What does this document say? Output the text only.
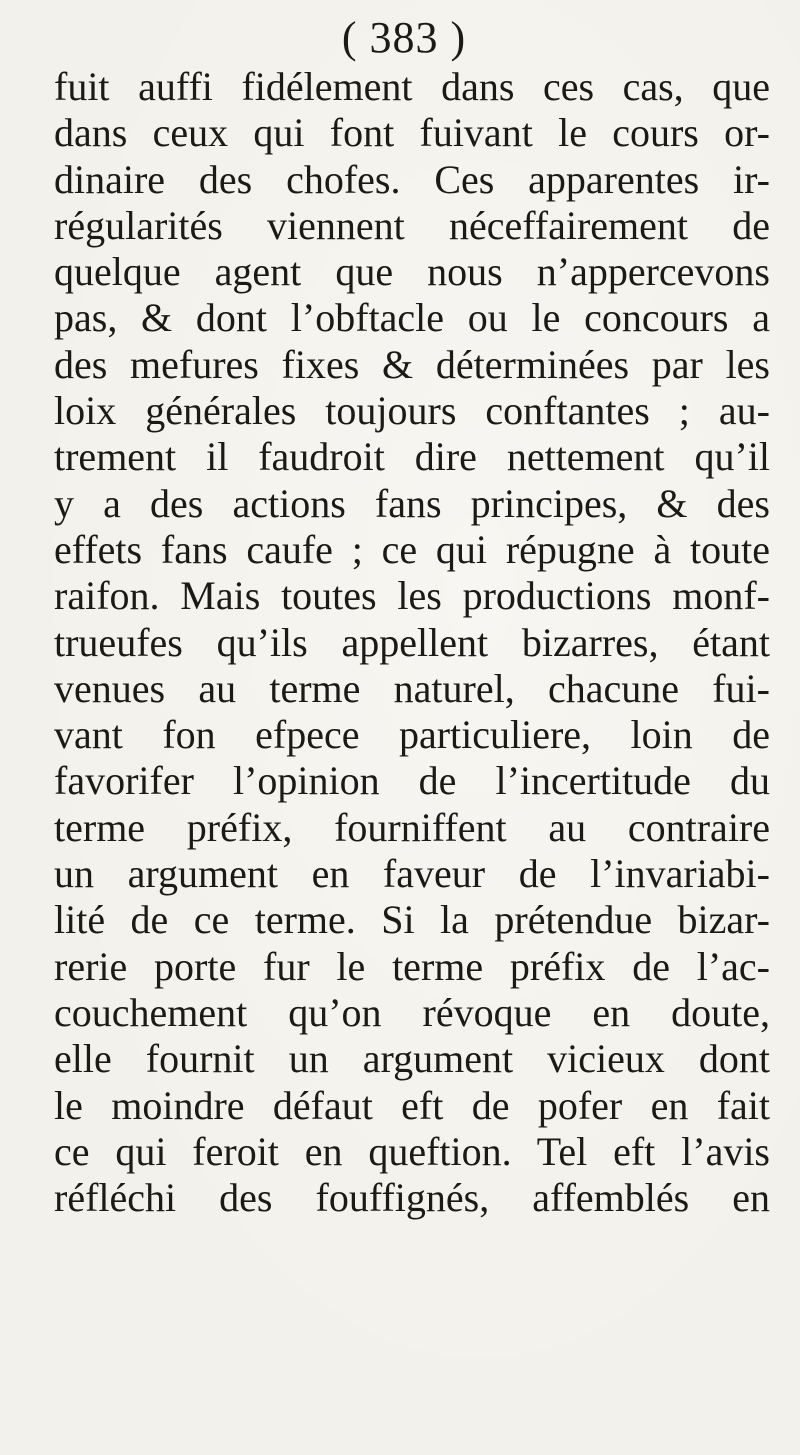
( 383 )
fuit auffi fidélement dans ces cas, que
dans ceux qui font fuivant le cours or-
dinaire des chofes. Ces apparentes ir-
régularités viennent néceffairement de
quelque agent que nous n’appercevons
pas, & dont l’obftacle ou le concours a
des mefures fixes & déterminées par les
loix générales toujours conftantes ; au-
trement il faudroit dire nettement qu’il
y a des actions fans principes, & des
effets fans caufe ; ce qui répugne à toute
raifon. Mais toutes les productions monf-
trueufes qu’ils appellent bizarres, étant
venues au terme naturel, chacune fui-
vant fon efpece particuliere, loin de
favorifer l’opinion de l’incertitude du
terme préfix, fourniffent au contraire
un argument en faveur de l’invariabi-
lité de ce terme. Si la prétendue bizar-
rerie porte fur le terme préfix de l’ac-
couchement qu’on révoque en doute,
elle fournit un argument vicieux dont
le moindre défaut eft de pofer en fait
ce qui feroit en queftion. Tel eft l’avis
réfléchi des fouffignés, affemblés en
